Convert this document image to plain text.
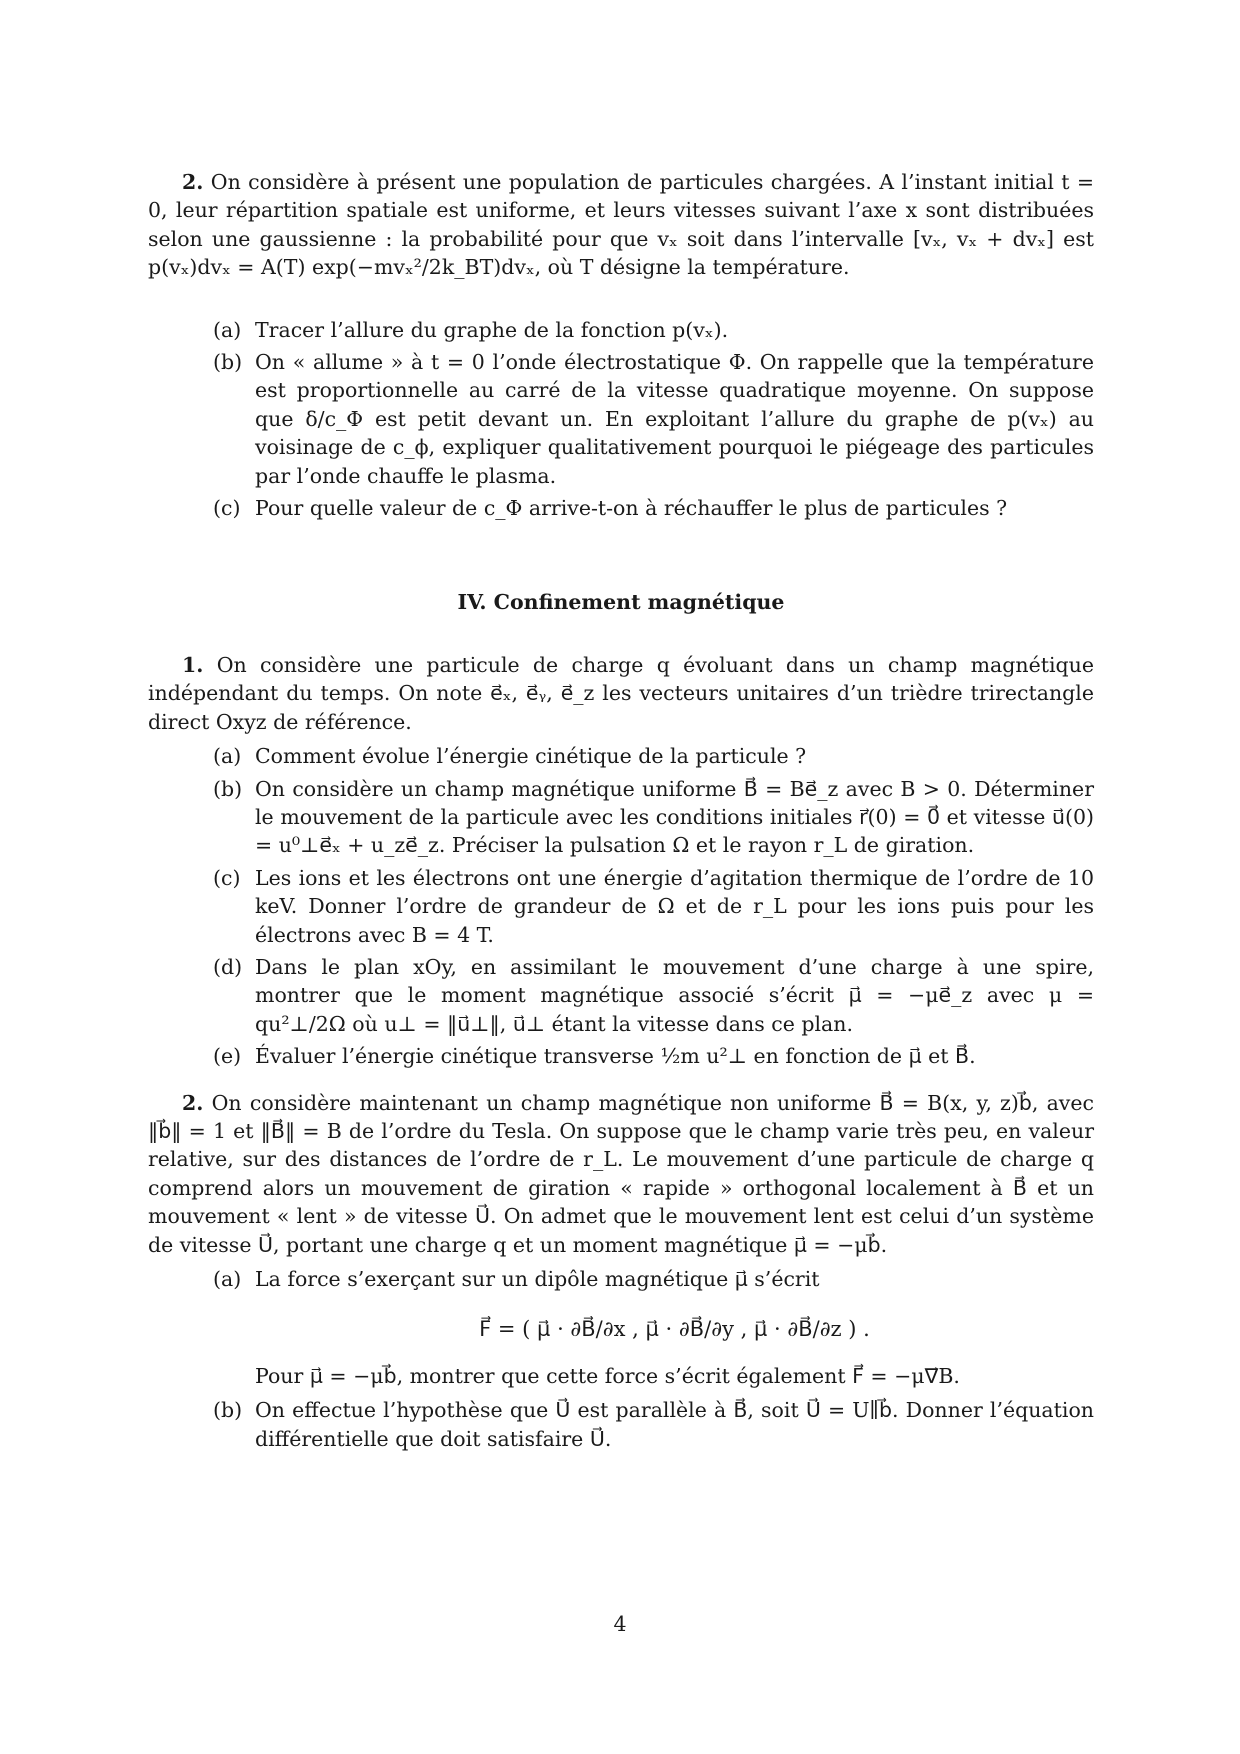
2. On considère à présent une population de particules chargées. A l’instant initial t = 0, leur répartition spatiale est uniforme, et leurs vitesses suivant l’axe x sont distribuées selon une gaussienne : la probabilité pour que vₓ soit dans l’intervalle [vₓ, vₓ + dvₓ] est p(vₓ)dvₓ = A(T) exp(−mvₓ²/2k_BT)dvₓ, où T désigne la température.

(a) Tracer l’allure du graphe de la fonction p(vₓ).
(b) On « allume » à t = 0 l’onde électrostatique Φ. On rappelle que la température est proportionnelle au carré de la vitesse quadratique moyenne. On suppose que δ/c_Φ est petit devant un. En exploitant l’allure du graphe de p(vₓ) au voisinage de c_ϕ, expliquer qualitativement pourquoi le piégeage des particules par l’onde chauffe le plasma.
(c) Pour quelle valeur de c_Φ arrive-t-on à réchauffer le plus de particules ?

IV. Confinement magnétique

1. On considère une particule de charge q évoluant dans un champ magnétique indépendant du temps. On note e⃗ₓ, e⃗ᵧ, e⃗_z les vecteurs unitaires d’un trièdre trirectangle direct Oxyz de référence.

(a) Comment évolue l’énergie cinétique de la particule ?
(b) On considère un champ magnétique uniforme B⃗ = Be⃗_z avec B > 0. Déterminer le mouvement de la particule avec les conditions initiales r⃗(0) = 0⃗ et vitesse u⃗(0) = u⁰⊥e⃗ₓ + u_ze⃗_z. Préciser la pulsation Ω et le rayon r_L de giration.
(c) Les ions et les électrons ont une énergie d’agitation thermique de l’ordre de 10 keV. Donner l’ordre de grandeur de Ω et de r_L pour les ions puis pour les électrons avec B = 4 T.
(d) Dans le plan xOy, en assimilant le mouvement d’une charge à une spire, montrer que le moment magnétique associé s’écrit μ⃗ = −μe⃗_z avec μ = qu²⊥/2Ω où u⊥ = ‖u⃗⊥‖, u⃗⊥ étant la vitesse dans ce plan.
(e) Évaluer l’énergie cinétique transverse ½m u²⊥ en fonction de μ⃗ et B⃗.

2. On considère maintenant un champ magnétique non uniforme B⃗ = B(x, y, z)b⃗, avec ‖b⃗‖ = 1 et ‖B⃗‖ = B de l’ordre du Tesla. On suppose que le champ varie très peu, en valeur relative, sur des distances de l’ordre de r_L. Le mouvement d’une particule de charge q comprend alors un mouvement de giration « rapide » orthogonal localement à B⃗ et un mouvement « lent » de vitesse U⃗. On admet que le mouvement lent est celui d’un système de vitesse U⃗, portant une charge q et un moment magnétique μ⃗ = −μb⃗.

(a) La force s’exerçant sur un dipôle magnétique μ⃗ s’écrit
F⃗ = ( μ⃗ · ∂B⃗/∂x , μ⃗ · ∂B⃗/∂y , μ⃗ · ∂B⃗/∂z ) .
Pour μ⃗ = −μb⃗, montrer que cette force s’écrit également F⃗ = −μ∇⃗B.
(b) On effectue l’hypothèse que U⃗ est parallèle à B⃗, soit U⃗ = U∥b⃗. Donner l’équation différentielle que doit satisfaire U⃗.
4
